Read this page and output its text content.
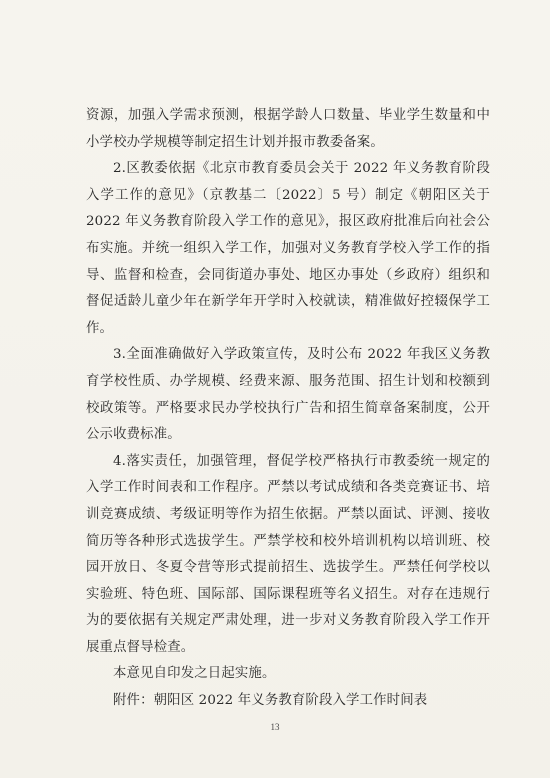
资源，加强入学需求预测，根据学龄人口数量、毕业学生数量和中小学校办学规模等制定招生计划并报市教委备案。

2.区教委依据《北京市教育委员会关于 2022 年义务教育阶段入学工作的意见》（京教基二〔2022〕5 号）制定《朝阳区关于 2022 年义务教育阶段入学工作的意见》，报区政府批准后向社会公布实施。并统一组织入学工作，加强对义务教育学校入学工作的指导、监督和检查，会同街道办事处、地区办事处（乡政府）组织和督促适龄儿童少年在新学年开学时入校就读，精准做好控辍保学工作。

3.全面准确做好入学政策宣传，及时公布 2022 年我区义务教育学校性质、办学规模、经费来源、服务范围、招生计划和校额到校政策等。严格要求民办学校执行广告和招生简章备案制度，公开公示收费标准。

4.落实责任，加强管理，督促学校严格执行市教委统一规定的入学工作时间表和工作程序。严禁以考试成绩和各类竞赛证书、培训竞赛成绩、考级证明等作为招生依据。严禁以面试、评测、接收简历等各种形式选拔学生。严禁学校和校外培训机构以培训班、校园开放日、冬夏令营等形式提前招生、选拔学生。严禁任何学校以实验班、特色班、国际部、国际课程班等名义招生。对存在违规行为的要依据有关规定严肃处理，进一步对义务教育阶段入学工作开展重点督导检查。

本意见自印发之日起实施。

附件：朝阳区 2022 年义务教育阶段入学工作时间表

13
